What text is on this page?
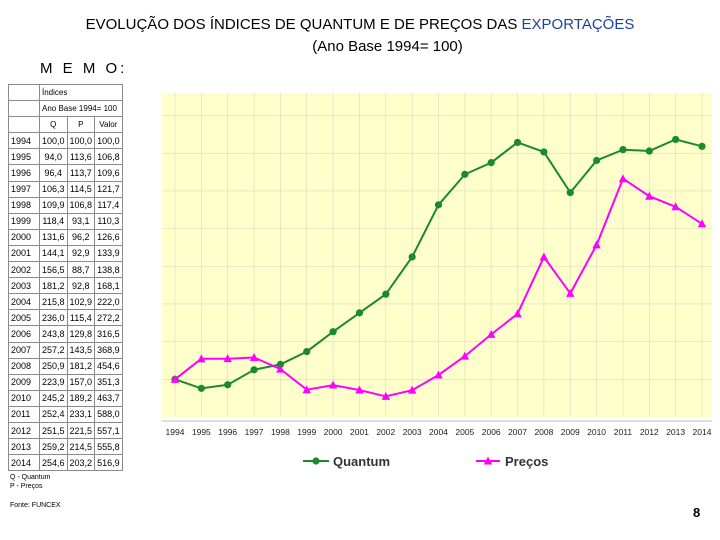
EVOLUÇÃO DOS ÍNDICES DE QUANTUM E DE PREÇOS DAS EXPORTAÇÕES
(Ano Base 1994= 100)
M E M O:
	Índices		
	Ano Base 1994= 100		
	Q	P	Valor
1994	100,0	100,0	100,0
1995	94,0	113,6	106,8
1996	96,4	113,7	109,6
1997	106,3	114,5	121,7
1998	109,9	106,8	117,4
1999	118,4	93,1	110,3
2000	131,6	96,2	126,6
2001	144,1	92,9	133,9
2002	156,5	88,7	138,8
2003	181,2	92,8	168,1
2004	215,8	102,9	222,0
2005	236,0	115,4	272,2
2006	243,8	129,8	316,5
2007	257,2	143,5	368,9
2008	250,9	181,2	454,6
2009	223,9	157,0	351,3
2010	245,2	189,2	463,7
2011	252,4	233,1	588,0
2012	251,5	221,5	557,1
2013	259,2	214,5	555,8
2014	254,6	203,2	516,9
Q - Quantum
P - Preços
Fonte: FUNCEX	8
1994 1995 1996 1997 1998 1999 2000 2001 2002 2003 2004 2005 2006 2007 2008 2009 2010 2011 2012 2013 2014
Quantum	Preços
